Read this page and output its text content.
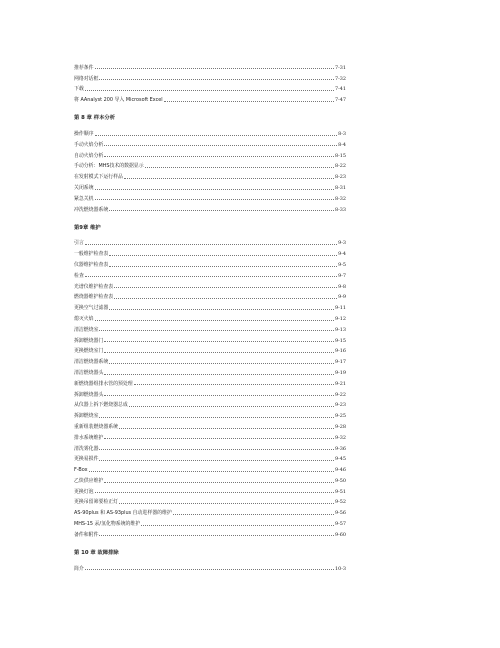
推荐条件	7-31
网络对话框	7-32
下载	7-41
将 AAnalyst 200 导入 Microsoft Excel	7-47
第 8 章 样本分析
操作顺序	8-3
手动火焰分析	8-4
自动火焰分析	8-15
手动分析：MHS技术的数据显示	8-22
在发射模式下运行样品	8-23
关闭系统	8-31
紧急关机	8-32
冲洗燃烧器系统	8-33
第9章 维护
引言	9-3
一般维护检查表	9-4
仪器维护检查表	9-5
检查	9-7
光谱仪维护检查表	9-8
燃烧器维护检查表	9-9
更换空气过滤器	9-11
熄灭火焰	9-12
清洁燃烧室	9-13
拆卸燃烧器门	9-15
更换燃烧室门	9-16
清洁燃烧器系统	9-17
清洁燃烧器头	9-19
新燃烧器组排水管的预处理	9-21
拆卸燃烧器头	9-22
从仪器上拆下燃烧器总成	9-23
拆卸燃烧室	9-25
重新组装燃烧器系统	9-28
排水系统维护	9-32
清洗雾化器	9-36
更换易损件	9-45
F-Box	9-46
乙炔供应维护	9-50
更换灯泡	9-51
更换吊留筛要检正灯	9-52
AS-90plus 和 AS-93plus 自动进样器的维护	9-56
MHS-15 汞/氢化物系统的维护	9-57
备件和附件	9-60
第 10 章 故障排除
简介	10-3
